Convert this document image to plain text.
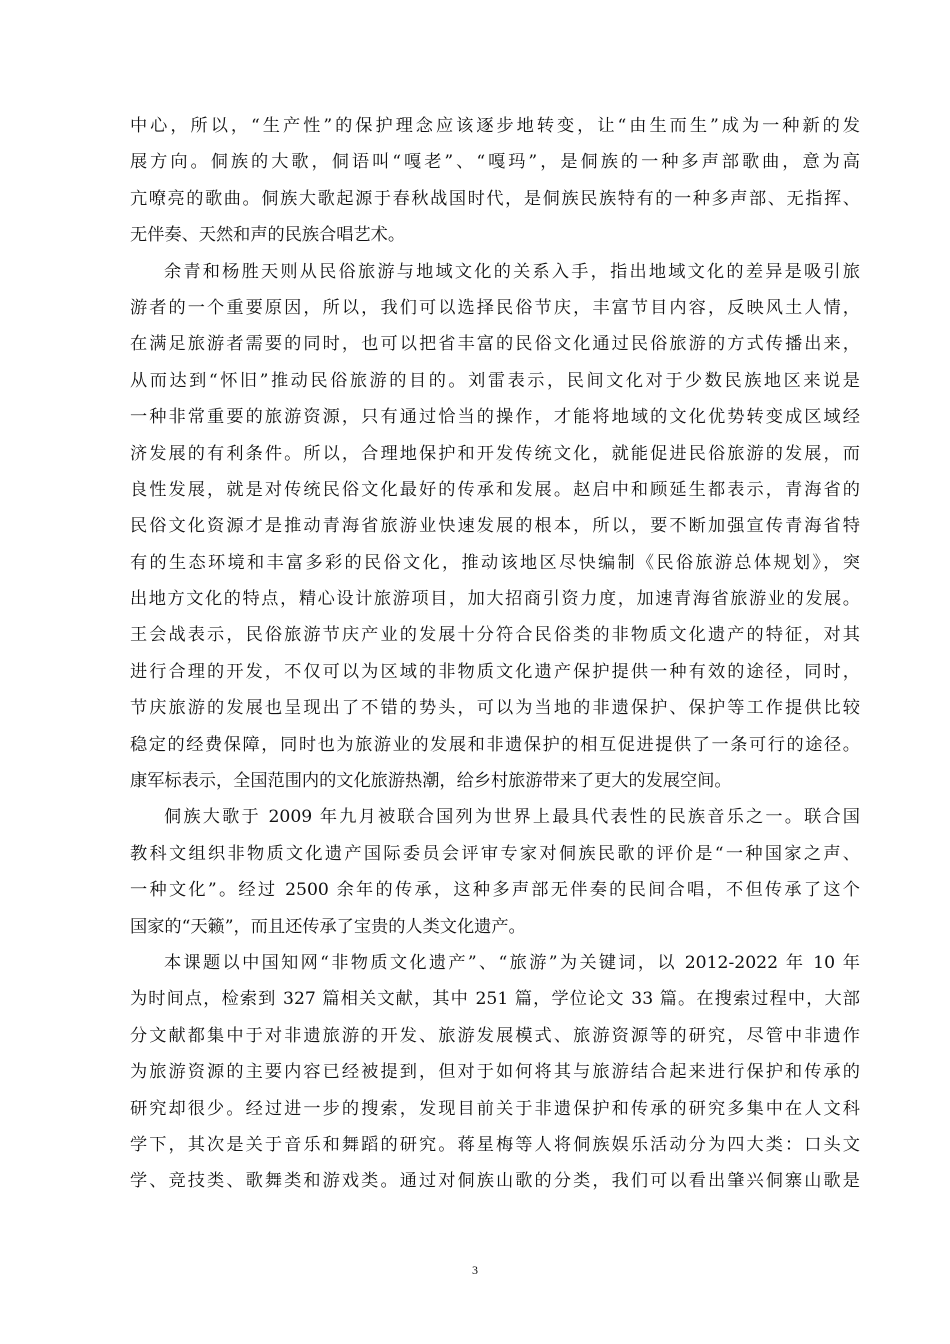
中心，所以，“生产性”的保护理念应该逐步地转变，让“由生而生”成为一种新的发
展方向。侗族的大歌，侗语叫“嘎老”、“嘎玛”，是侗族的一种多声部歌曲，意为高
亢嘹亮的歌曲。侗族大歌起源于春秋战国时代，是侗族民族特有的一种多声部、无指挥、
无伴奏、天然和声的民族合唱艺术。
余青和杨胜天则从民俗旅游与地域文化的关系入手，指出地域文化的差异是吸引旅
游者的一个重要原因，所以，我们可以选择民俗节庆，丰富节目内容，反映风土人情，
在满足旅游者需要的同时，也可以把省丰富的民俗文化通过民俗旅游的方式传播出来，
从而达到“怀旧”推动民俗旅游的目的。刘雷表示，民间文化对于少数民族地区来说是
一种非常重要的旅游资源，只有通过恰当的操作，才能将地域的文化优势转变成区域经
济发展的有利条件。所以，合理地保护和开发传统文化，就能促进民俗旅游的发展，而
良性发展，就是对传统民俗文化最好的传承和发展。赵启中和顾延生都表示，青海省的
民俗文化资源才是推动青海省旅游业快速发展的根本，所以，要不断加强宣传青海省特
有的生态环境和丰富多彩的民俗文化，推动该地区尽快编制《民俗旅游总体规划》，突
出地方文化的特点，精心设计旅游项目，加大招商引资力度，加速青海省旅游业的发展。
王会战表示，民俗旅游节庆产业的发展十分符合民俗类的非物质文化遗产的特征，对其
进行合理的开发，不仅可以为区域的非物质文化遗产保护提供一种有效的途径，同时，
节庆旅游的发展也呈现出了不错的势头，可以为当地的非遗保护、保护等工作提供比较
稳定的经费保障，同时也为旅游业的发展和非遗保护的相互促进提供了一条可行的途径。
康军标表示，全国范围内的文化旅游热潮，给乡村旅游带来了更大的发展空间。
侗族大歌于 2009 年九月被联合国列为世界上最具代表性的民族音乐之一。联合国
教科文组织非物质文化遗产国际委员会评审专家对侗族民歌的评价是“一种国家之声、
一种文化”。经过 2500 余年的传承，这种多声部无伴奏的民间合唱，不但传承了这个
国家的“天籁”，而且还传承了宝贵的人类文化遗产。
本课题以中国知网“非物质文化遗产”、“旅游”为关键词，以 2012-2022 年 10 年
为时间点，检索到 327 篇相关文献，其中 251 篇，学位论文 33 篇。在搜索过程中，大部
分文献都集中于对非遗旅游的开发、旅游发展模式、旅游资源等的研究，尽管中非遗作
为旅游资源的主要内容已经被提到，但对于如何将其与旅游结合起来进行保护和传承的
研究却很少。经过进一步的搜索，发现目前关于非遗保护和传承的研究多集中在人文科
学下，其次是关于音乐和舞蹈的研究。蒋星梅等人将侗族娱乐活动分为四大类：口头文
学、竞技类、歌舞类和游戏类。通过对侗族山歌的分类，我们可以看出肇兴侗寨山歌是
3
